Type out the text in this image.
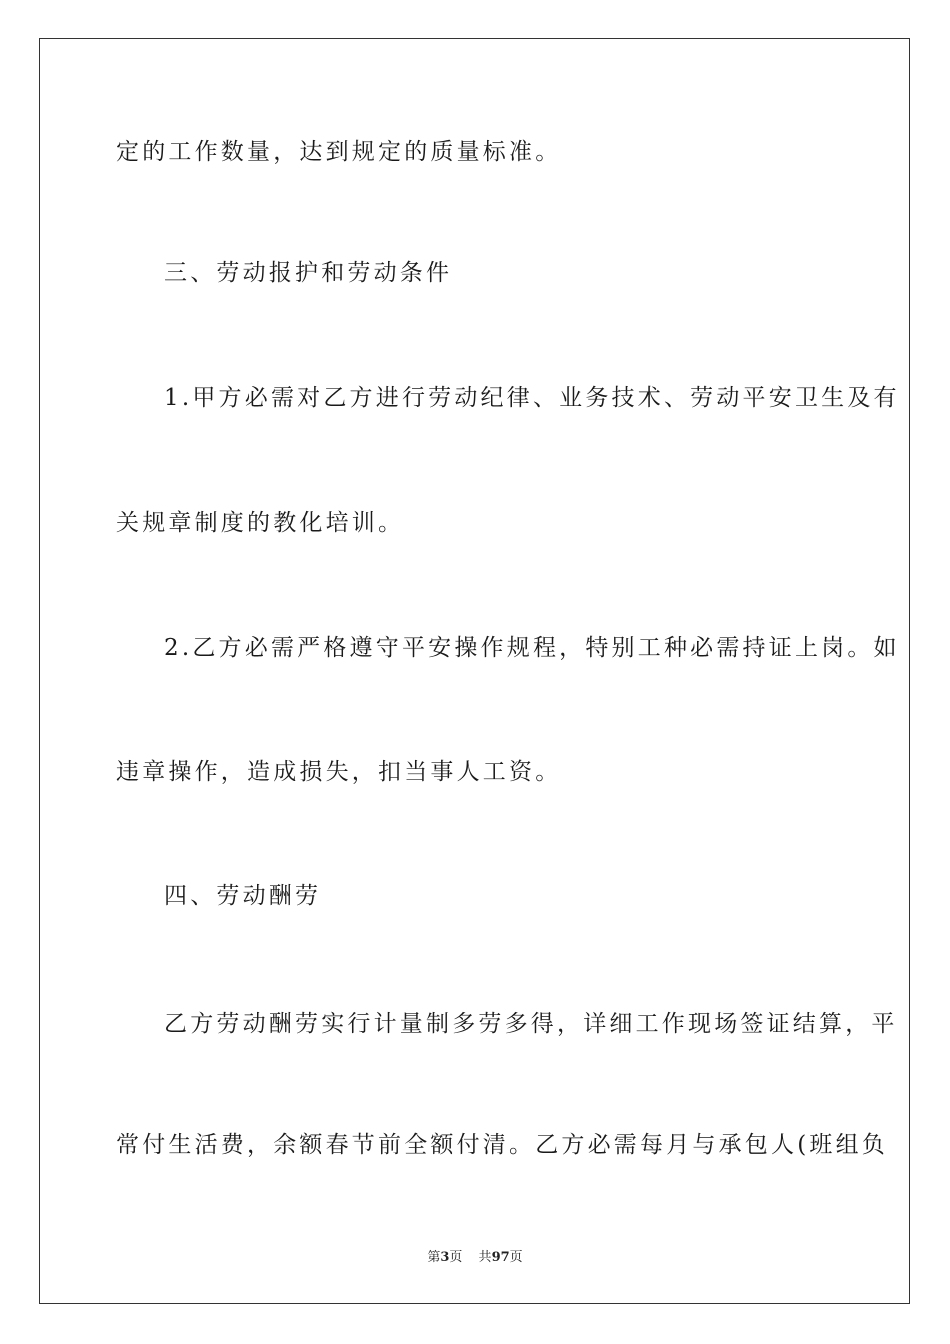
定的工作数量，达到规定的质量标准。
三、劳动报护和劳动条件
1.甲方必需对乙方进行劳动纪律、业务技术、劳动平安卫生及有
关规章制度的教化培训。
2.乙方必需严格遵守平安操作规程，特别工种必需持证上岗。如
违章操作，造成损失，扣当事人工资。
四、劳动酬劳
乙方劳动酬劳实行计量制多劳多得，详细工作现场签证结算，平
常付生活费，余额春节前全额付清。乙方必需每月与承包人(班组负
第3页 共97页
